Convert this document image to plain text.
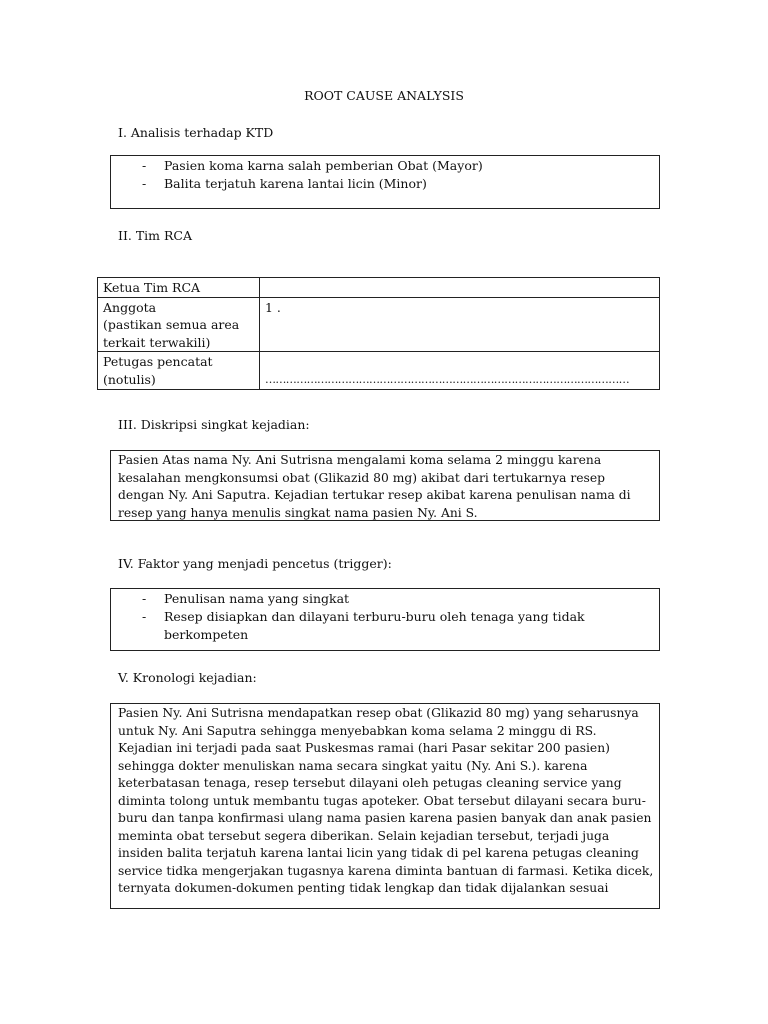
ROOT CAUSE ANALYSIS
I. Analisis terhadap KTD
- Pasien koma karna salah pemberian Obat (Mayor)
- Balita terjatuh karena lantai licin (Minor)
II. Tim RCA
Ketua Tim RCA	
Anggota
(pastikan semua area
terkait terwakili)	1 .
Petugas pencatat
(notulis)	……………………………………………………………………………………………
III. Diskripsi singkat kejadian:
Pasien Atas nama Ny. Ani Sutrisna mengalami koma selama 2 minggu karena kesalahan mengkonsumsi obat (Glikazid 80 mg) akibat dari tertukarnya resep dengan Ny. Ani Saputra. Kejadian tertukar resep akibat karena penulisan nama di resep yang hanya menulis singkat nama pasien Ny. Ani S.
IV. Faktor yang menjadi pencetus (trigger):
- Penulisan nama yang singkat
- Resep disiapkan dan dilayani terburu-buru oleh tenaga yang tidak berkompeten
V. Kronologi kejadian:
Pasien Ny. Ani Sutrisna mendapatkan resep obat (Glikazid 80 mg) yang seharusnya untuk Ny. Ani Saputra sehingga menyebabkan koma selama 2 minggu di RS. Kejadian ini terjadi pada saat Puskesmas ramai (hari Pasar sekitar 200 pasien) sehingga dokter menuliskan nama secara singkat yaitu (Ny. Ani S.). karena keterbatasan tenaga, resep tersebut dilayani oleh petugas cleaning service yang diminta tolong untuk membantu tugas apoteker. Obat tersebut dilayani secara buru-buru dan tanpa konfirmasi ulang nama pasien karena pasien banyak dan anak pasien meminta obat tersebut segera diberikan. Selain kejadian tersebut, terjadi juga insiden balita terjatuh karena lantai licin yang tidak di pel karena petugas cleaning service tidka mengerjakan tugasnya karena diminta bantuan di farmasi. Ketika dicek, ternyata dokumen-dokumen penting tidak lengkap dan tidak dijalankan sesuai
